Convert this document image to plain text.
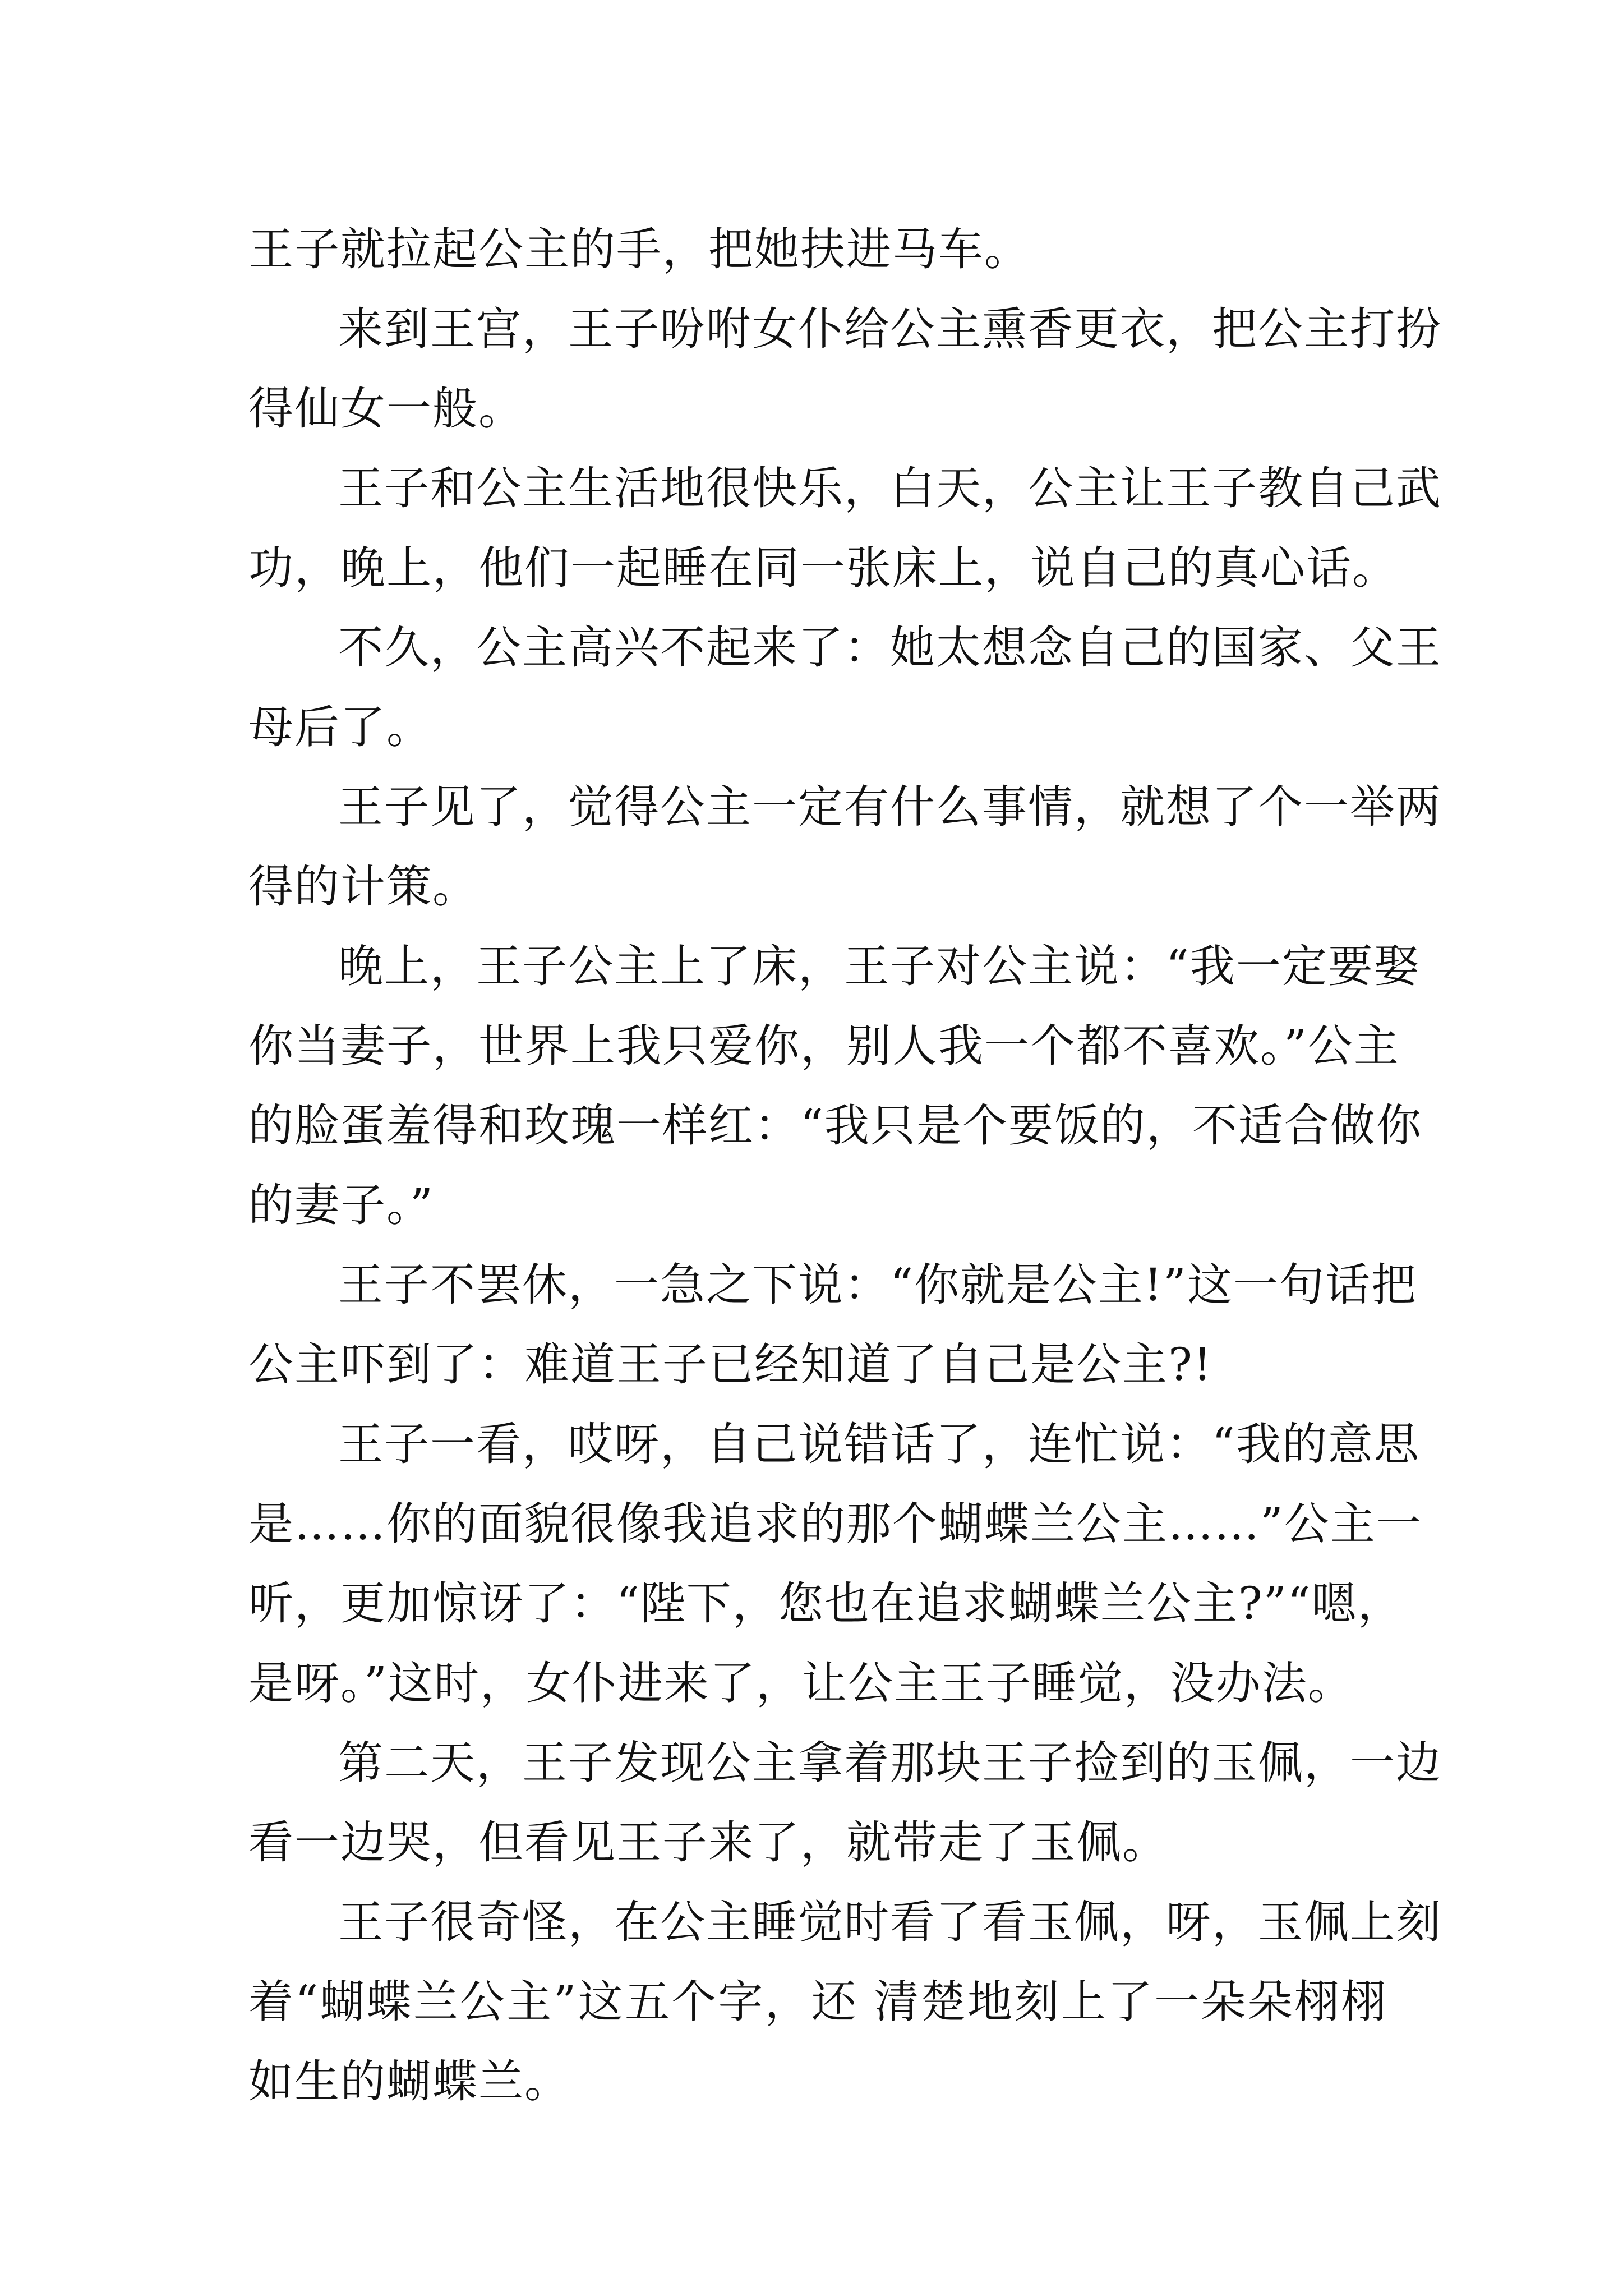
王子就拉起公主的手，把她扶进马车。
来到王宫，王子吩咐女仆给公主熏香更衣，把公主打扮
得仙女一般。
王子和公主生活地很快乐，白天，公主让王子教自己武
功，晚上，他们一起睡在同一张床上，说自己的真心话。
不久，公主高兴不起来了：她太想念自己的国家、父王
母后了。
王子见了，觉得公主一定有什么事情，就想了个一举两
得的计策。
晚上，王子公主上了床，王子对公主说：“我一定要娶
你当妻子，世界上我只爱你，别人我一个都不喜欢。”公主
的脸蛋羞得和玫瑰一样红：“我只是个要饭的，不适合做你
的妻子。”
王子不罢休，一急之下说：“你就是公主!”这一句话把
公主吓到了：难道王子已经知道了自己是公主?!
王子一看，哎呀，自己说错话了，连忙说：“我的意思
是……你的面貌很像我追求的那个蝴蝶兰公主……”公主一
听，更加惊讶了：“陛下，您也在追求蝴蝶兰公主?”“嗯，
是呀。”这时，女仆进来了，让公主王子睡觉，没办法。
第二天，王子发现公主拿着那块王子捡到的玉佩，一边
看一边哭，但看见王子来了，就带走了玉佩。
王子很奇怪，在公主睡觉时看了看玉佩，呀，玉佩上刻
着“蝴蝶兰公主”这五个字，还 清楚地刻上了一朵朵栩栩
如生的蝴蝶兰。
